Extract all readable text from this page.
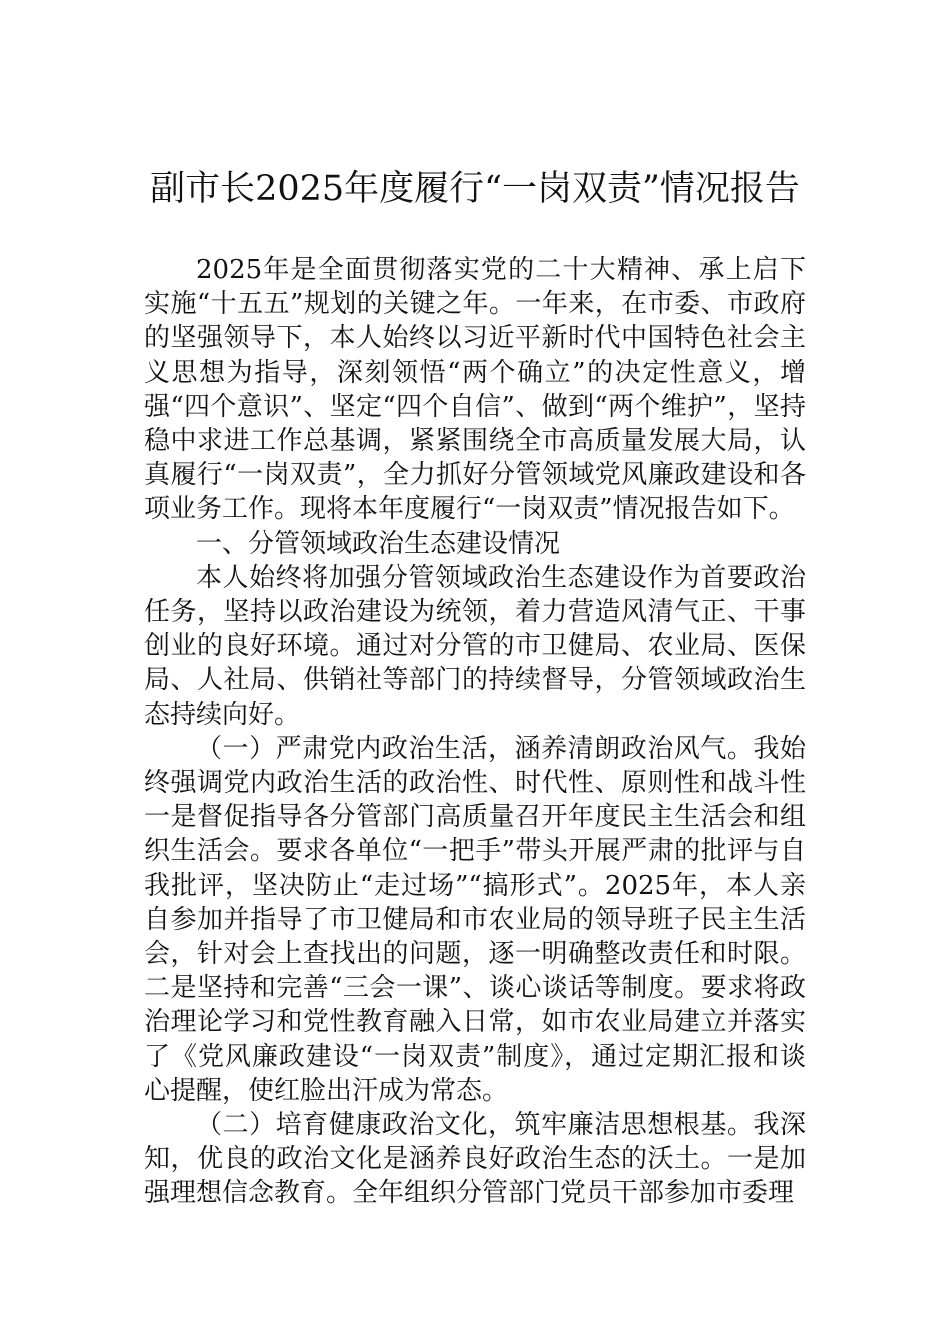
副市长2025年度履行“一岗双责”情况报告

2025年是全面贯彻落实党的二十大精神、承上启下实施“十五五”规划的关键之年。一年来，在市委、市政府的坚强领导下，本人始终以习近平新时代中国特色社会主义思想为指导，深刻领悟“两个确立”的决定性意义，增强“四个意识”、坚定“四个自信”、做到“两个维护”，坚持稳中求进工作总基调，紧紧围绕全市高质量发展大局，认真履行“一岗双责”，全力抓好分管领域党风廉政建设和各项业务工作。现将本年度履行“一岗双责”情况报告如下。

一、分管领域政治生态建设情况

本人始终将加强分管领域政治生态建设作为首要政治任务，坚持以政治建设为统领，着力营造风清气正、干事创业的良好环境。通过对分管的市卫健局、农业局、医保局、人社局、供销社等部门的持续督导，分管领域政治生态持续向好。

（一）严肃党内政治生活，涵养清朗政治风气。我始终强调党内政治生活的政治性、时代性、原则性和战斗性一是督促指导各分管部门高质量召开年度民主生活会和组织生活会。要求各单位“一把手”带头开展严肃的批评与自我批评，坚决防止“走过场”“搞形式”。2025年，本人亲自参加并指导了市卫健局和市农业局的领导班子民主生活会，针对会上查找出的问题，逐一明确整改责任和时限。二是坚持和完善“三会一课”、谈心谈话等制度。要求将政治理论学习和党性教育融入日常，如市农业局建立并落实了《党风廉政建设“一岗双责”制度》，通过定期汇报和谈心提醒，使红脸出汗成为常态。

（二）培育健康政治文化，筑牢廉洁思想根基。我深知，优良的政治文化是涵养良好政治生态的沃土。一是加强理想信念教育。全年组织分管部门党员干部参加市委理
